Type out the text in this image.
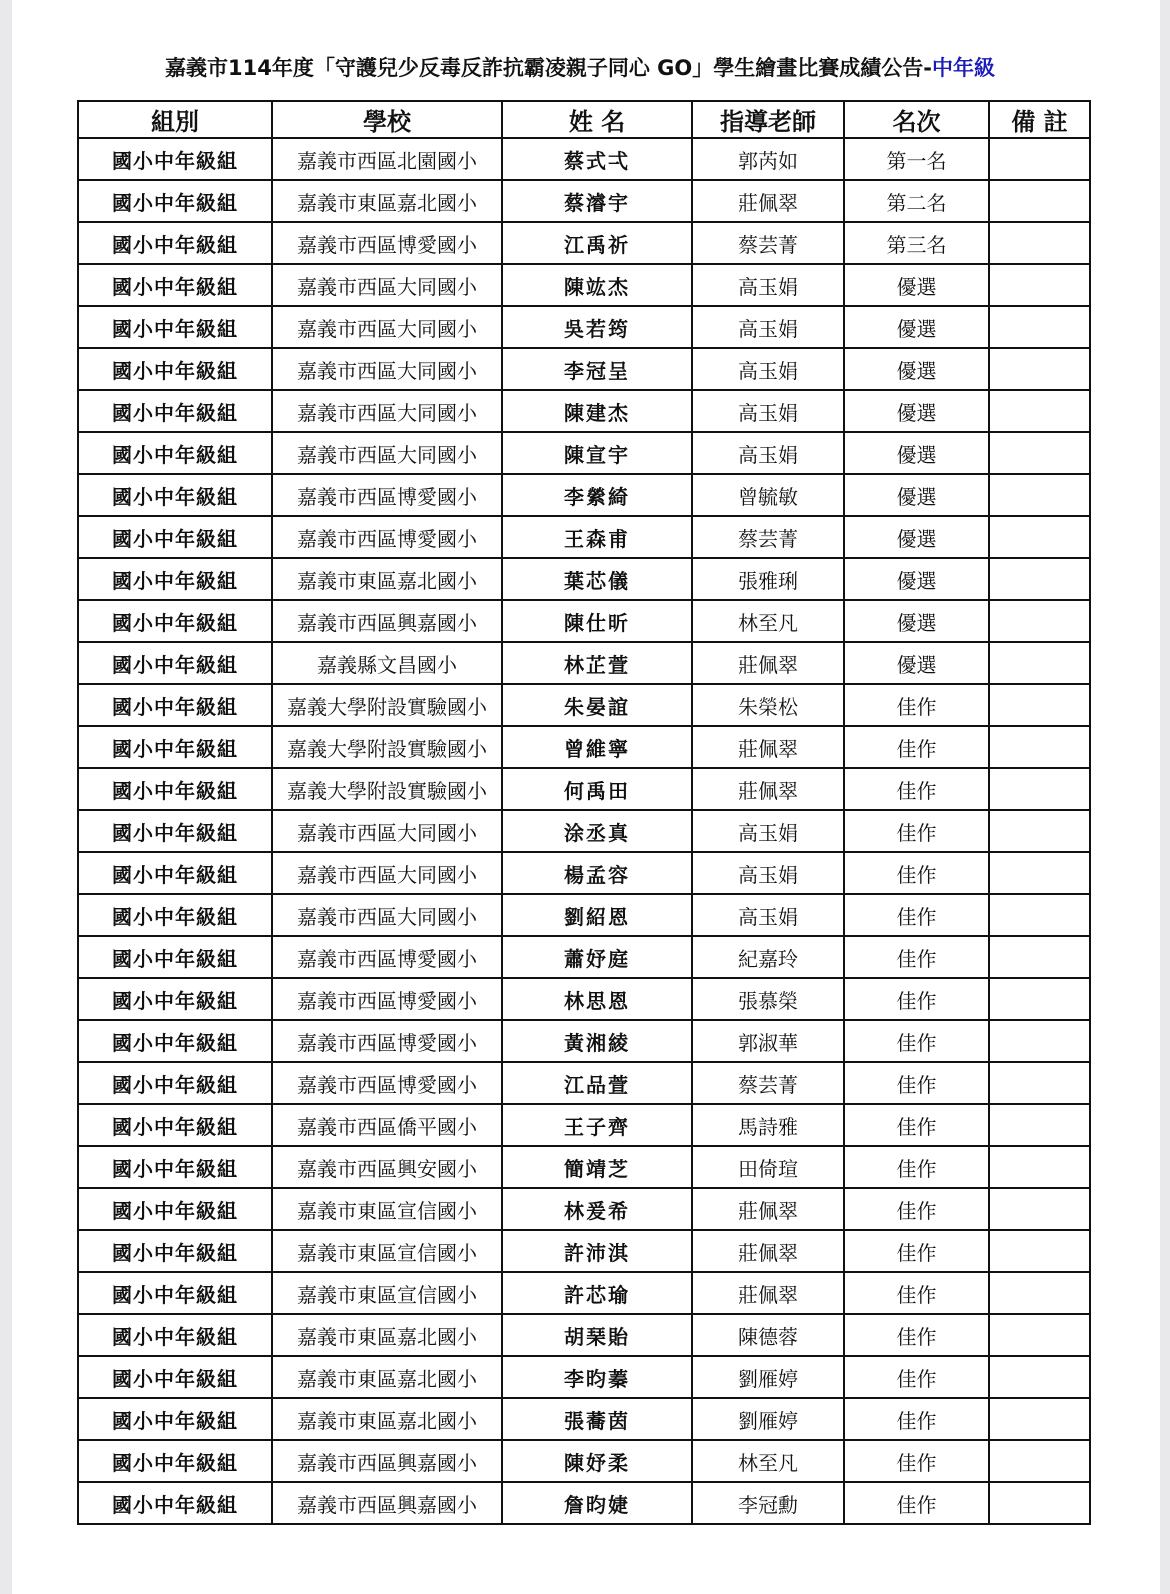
嘉義市114年度「守護兒少反毒反詐抗霸凌親子同心 GO」學生繪畫比賽成績公告-中年級
組別	學校	姓 名	指導老師	名次	備 註
國小中年級組	嘉義市西區北園國小	蔡式弌	郭芮如	第一名	
國小中年級組	嘉義市東區嘉北國小	蔡濬宇	莊佩翠	第二名	
國小中年級組	嘉義市西區博愛國小	江禹祈	蔡芸菁	第三名	
國小中年級組	嘉義市西區大同國小	陳竑杰	高玉娟	優選	
國小中年級組	嘉義市西區大同國小	吳若筠	高玉娟	優選	
國小中年級組	嘉義市西區大同國小	李冠呈	高玉娟	優選	
國小中年級組	嘉義市西區大同國小	陳建杰	高玉娟	優選	
國小中年級組	嘉義市西區大同國小	陳宣宇	高玉娟	優選	
國小中年級組	嘉義市西區博愛國小	李縈綺	曾毓敏	優選	
國小中年級組	嘉義市西區博愛國小	王森甫	蔡芸菁	優選	
國小中年級組	嘉義市東區嘉北國小	葉芯儀	張雅琍	優選	
國小中年級組	嘉義市西區興嘉國小	陳仕昕	林至凡	優選	
國小中年級組	嘉義縣文昌國小	林芷萱	莊佩翠	優選	
國小中年級組	嘉義大學附設實驗國小	朱晏誼	朱榮松	佳作	
國小中年級組	嘉義大學附設實驗國小	曾維寧	莊佩翠	佳作	
國小中年級組	嘉義大學附設實驗國小	何禹田	莊佩翠	佳作	
國小中年級組	嘉義市西區大同國小	涂丞真	高玉娟	佳作	
國小中年級組	嘉義市西區大同國小	楊孟容	高玉娟	佳作	
國小中年級組	嘉義市西區大同國小	劉紹恩	高玉娟	佳作	
國小中年級組	嘉義市西區博愛國小	蕭妤庭	紀嘉玲	佳作	
國小中年級組	嘉義市西區博愛國小	林思恩	張慕榮	佳作	
國小中年級組	嘉義市西區博愛國小	黃湘綾	郭淑華	佳作	
國小中年級組	嘉義市西區博愛國小	江品萱	蔡芸菁	佳作	
國小中年級組	嘉義市西區僑平國小	王子齊	馬詩雅	佳作	
國小中年級組	嘉義市西區興安國小	簡靖芝	田倚瑄	佳作	
國小中年級組	嘉義市東區宣信國小	林爰希	莊佩翠	佳作	
國小中年級組	嘉義市東區宣信國小	許沛淇	莊佩翠	佳作	
國小中年級組	嘉義市東區宣信國小	許芯瑜	莊佩翠	佳作	
國小中年級組	嘉義市東區嘉北國小	胡琹貽	陳德蓉	佳作	
國小中年級組	嘉義市東區嘉北國小	李昀蓁	劉雁婷	佳作	
國小中年級組	嘉義市東區嘉北國小	張蕎茵	劉雁婷	佳作	
國小中年級組	嘉義市西區興嘉國小	陳妤柔	林至凡	佳作	
國小中年級組	嘉義市西區興嘉國小	詹昀婕	李冠勳	佳作	
